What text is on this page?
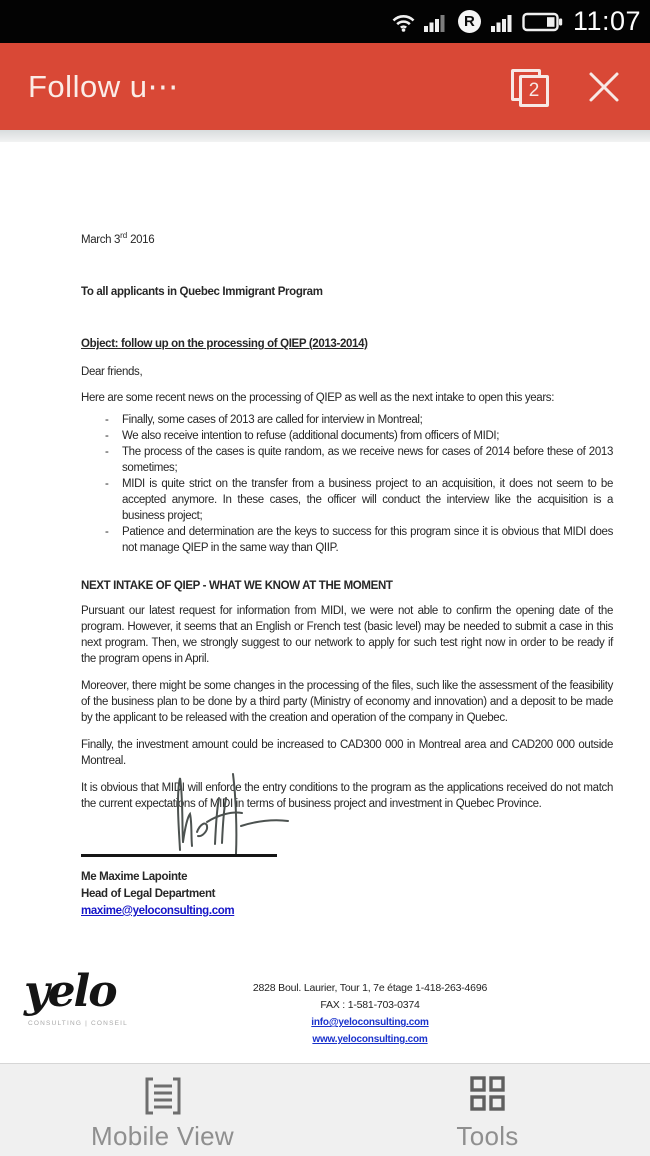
R	11:07
Follow u⋯	2

March 3rd 2016

To all applicants in Quebec Immigrant Program

Object: follow up on the processing of QIEP (2013-2014)

Dear friends,

Here are some recent news on the processing of QIEP as well as the next intake to open this years:

- Finally, some cases of 2013 are called for interview in Montreal;
- We also receive intention to refuse (additional documents) from officers of MIDI;
- The process of the cases is quite random, as we receive news for cases of 2014 before these of 2013 sometimes;
- MIDI is quite strict on the transfer from a business project to an acquisition, it does not seem to be accepted anymore. In these cases, the officer will conduct the interview like the acquisition is a business project;
- Patience and determination are the keys to success for this program since it is obvious that MIDI does not manage QIEP in the same way than QIIP.

NEXT INTAKE OF QIEP - WHAT WE KNOW AT THE MOMENT

Pursuant our latest request for information from MIDI, we were not able to confirm the opening date of the program. However, it seems that an English or French test (basic level) may be needed to submit a case in this next program. Then, we strongly suggest to our network to apply for such test right now in order to be ready if the program opens in April.

Moreover, there might be some changes in the processing of the files, such like the assessment of the feasibility of the business plan to be done by a third party (Ministry of economy and innovation) and a deposit to be made by the applicant to be released with the creation and operation of the company in Quebec.

Finally, the investment amount could be increased to CAD300 000 in Montreal area and CAD200 000 outside Montreal.

It is obvious that MIDI will enforce the entry conditions to the program as the applications received do not match the current expectations of MIDI in terms of business project and investment in Quebec Province.

Me Maxime Lapointe

Head of Legal Department

maxime@yeloconsulting.com
yelo
CONSULTING | CONSEIL
2828 Boul. Laurier, Tour 1, 7e étage 1-418-263-4696
FAX : 1-581-703-0374
info@yeloconsulting.com
www.yeloconsulting.com
Mobile View	Tools
